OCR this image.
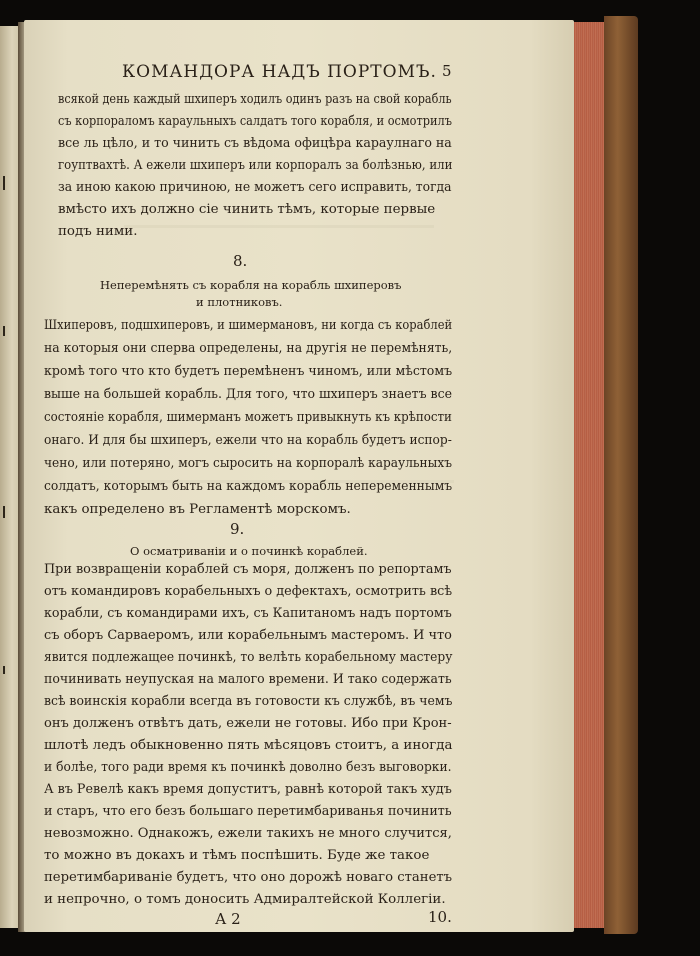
КОМАНДОРА НАДЪ ПОРТОМЪ. 5
всякой день каждый шхиперъ ходилъ одинъ разъ на свой корабль
съ корпораломъ караульныхъ салдатъ того корабля, и осмотрилъ
все ль цѣло, и то чинить съ вѣдома офицѣра караулнаго на
гоуптвахтѣ. А ежели шхиперъ или корпоралъ за болѣзнью, или
за иною какою причиною, не можетъ сего исправить, тогда
вмѣсто ихъ должно сіе чинить тѣмъ, которые первые
подъ ними.
8.
Неперемѣнять съ корабля на корабль шхиперовъ
и плотниковъ.
Шхиперовъ, подшхиперовъ, и шимермановъ, ни когда съ кораблей
на которыя они сперва определены, на другія не перемѣнять,
кромѣ того что кто будетъ перемѣненъ чиномъ, или мѣстомъ
выше на большей корабль. Для того, что шхиперъ знаетъ все
состояніе корабля, шимерманъ можетъ привыкнуть къ крѣпости
онаго. И для бы шхиперъ, ежели что на корабль будетъ испор-
чено, или потеряно, могъ сыросить на корпоралѣ караульныхъ
солдатъ, которымъ быть на каждомъ корабль непеременнымъ
какъ определено въ Регламентѣ морскомъ.
9.
О осматриваніи и о починкѣ кораблей.
При возвращеніи кораблей съ моря, долженъ по репортамъ
отъ командировъ корабельныхъ о дефектахъ, осмотрить всѣ
корабли, съ командирами ихъ, съ Капитаномъ надъ портомъ
съ оборъ Сарваеромъ, или корабельнымъ мастеромъ. И что
явится подлежащее починкѣ, то велѣть корабельному мастеру
починивать неупуская на малого времени. И тако содержать
всѣ воинскія корабли всегда въ готовости къ службѣ, въ чемъ
онъ долженъ отвѣтъ дать, ежели не готовы. Ибо при Крон-
шлотѣ ледъ обыкновенно пять мѣсяцовъ стоитъ, а иногда
и болѣе, того ради время къ починкѣ доволно безъ выговорки.
А въ Ревелѣ какъ время допуститъ, равнѣ которой такъ худъ
и старъ, что его безъ большаго перетимбариванья починить
невозможно. Однакожъ, ежели такихъ не много случится,
то можно въ докахъ и тѣмъ поспѣшить. Буде же такое
перетимбариваніе будетъ, что оно дорожѣ новаго станетъ
и непрочно, о томъ доносить Адмиралтейской Коллегіи.
А 2	10.
